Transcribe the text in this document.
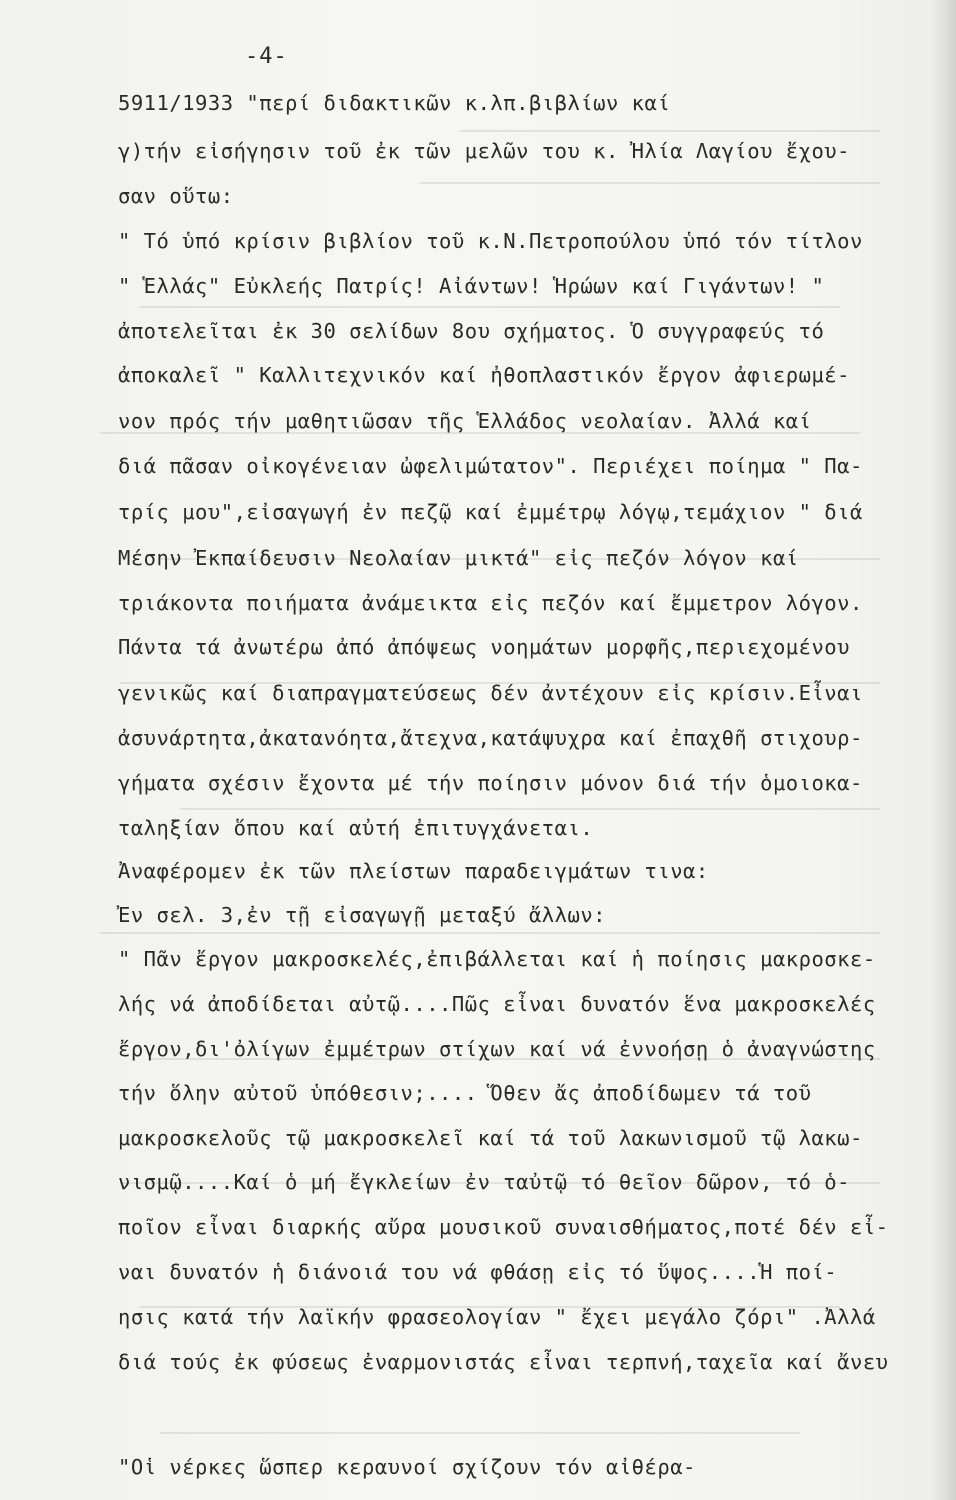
-4-
5911/1933 "περί διδακτικῶν κ.λπ.βιβλίων καί
γ)τήν εἰσήγησιν τοῦ ἐκ τῶν μελῶν του κ. Ἠλία Λαγίου ἔχου-
σαν οὕτω:
" Τό ὑπό κρίσιν βιβλίον τοῦ κ.Ν.Πετροπούλου ὑπό τόν τίτλον
" Ἑλλάς" Εὐκλεής Πατρίς! Αἰάντων! Ἡρώων καί Γιγάντων! "
ἀποτελεῖται ἐκ 30 σελίδων 8ου σχήματος. Ὁ συγγραφεύς τό
ἀποκαλεῖ " Καλλιτεχνικόν καί ἠθοπλαστικόν ἔργον ἀφιερωμέ-
νον πρός τήν μαθητιῶσαν τῆς Ἑλλάδος νεολαίαν. Ἀλλά καί
διά πᾶσαν οἰκογένειαν ὠφελιμώτατον". Περιέχει ποίημα " Πα-
τρίς μου",εἰσαγωγή ἐν πεζῷ καί ἐμμέτρῳ λόγῳ,τεμάχιον " διά
Μέσην Ἐκπαίδευσιν Νεολαίαν μικτά" εἰς πεζόν λόγον καί
τριάκοντα ποιήματα ἀνάμεικτα εἰς πεζόν καί ἔμμετρον λόγον.
Πάντα τά ἀνωτέρω ἀπό ἀπόψεως νοημάτων μορφῆς,περιεχομένου
γενικῶς καί διαπραγματεύσεως δέν ἀντέχουν εἰς κρίσιν.Εἶναι
ἀσυνάρτητα,ἀκατανόητα,ἄτεχνα,κατάψυχρα καί ἐπαχθῆ στιχουρ-
γήματα σχέσιν ἔχοντα μέ τήν ποίησιν μόνον διά τήν ὁμοιοκα-
ταληξίαν ὅπου καί αὐτή ἐπιτυγχάνεται.
Ἀναφέρομεν ἐκ τῶν πλείστων παραδειγμάτων τινα:
Ἐν σελ. 3,ἐν τῇ εἰσαγωγῇ μεταξύ ἄλλων:
" Πᾶν ἔργον μακροσκελές,ἐπιβάλλεται καί ἡ ποίησις μακροσκε-
λής νά ἀποδίδεται αὐτῷ....Πῶς εἶναι δυνατόν ἕνα μακροσκελές
ἔργον,δι'ὀλίγων ἐμμέτρων στίχων καί νά ἐννοήσῃ ὁ ἀναγνώστης
τήν ὅλην αὐτοῦ ὑπόθεσιν;.... Ὅθεν ἄς ἀποδίδωμεν τά τοῦ
μακροσκελοῦς τῷ μακροσκελεῖ καί τά τοῦ λακωνισμοῦ τῷ λακω-
νισμῷ....Καί ὁ μή ἔγκλείων ἐν ταὐτῷ τό θεῖον δῶρον, τό ὁ-
ποῖον εἶναι διαρκής αὔρα μουσικοῦ συναισθήματος,ποτέ δέν εἶ-
ναι δυνατόν ἡ διάνοιά του νά φθάσῃ εἰς τό ὕψος....Ἡ ποί-
ησις κατά τήν λαϊκήν φρασεολογίαν " ἔχει μεγάλο ζόρι" .Ἀλλά
διά τούς ἐκ φύσεως ἐναρμονιστάς εἶναι τερπνή,ταχεῖα καί ἄνευ
"Οἱ νέρκες ὥσπερ κεραυνοί σχίζουν τόν αἰθέρα-
